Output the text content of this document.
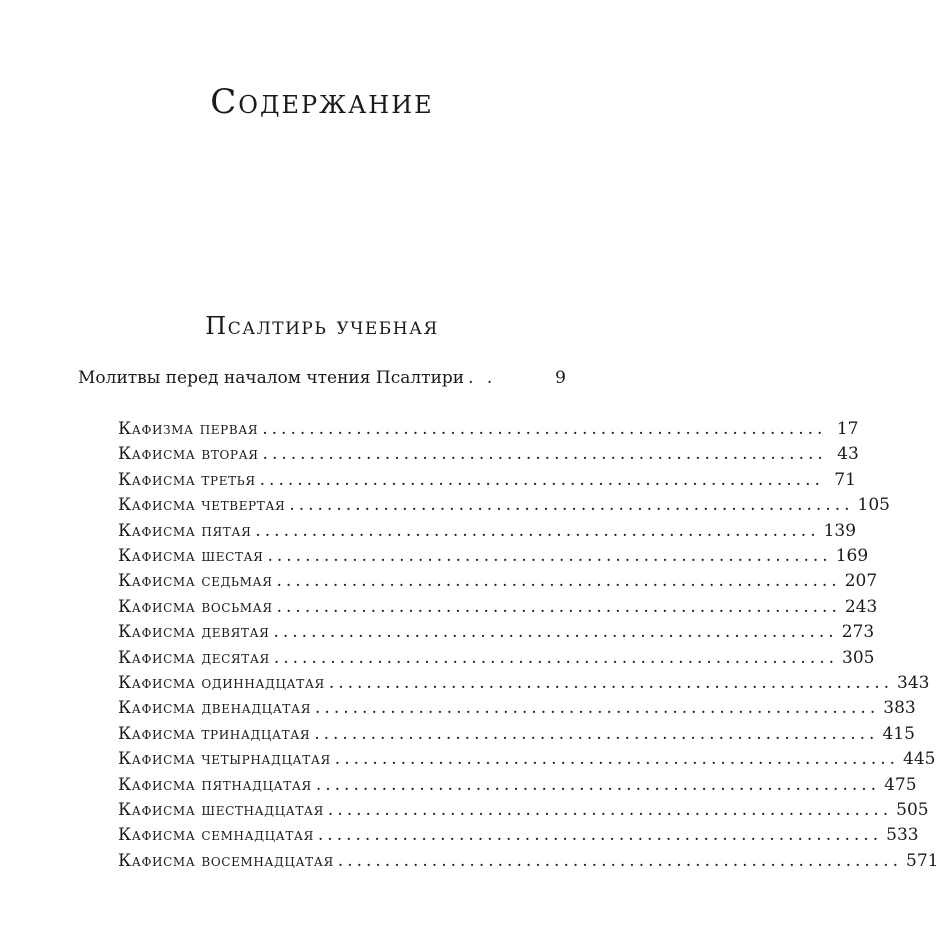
Содержание
Псалтирь учебная
Молитвы перед началом чтения Псалтири . .	9
Кафизма первая ............................................................ 17
Кафисма вторая ............................................................ 43
Кафисма третья ............................................................ 71
Кафисма четвертая ............................................................ 105
Кафисма пятая ............................................................ 139
Кафисма шестая ............................................................ 169
Кафисма седьмая ............................................................ 207
Кафисма восьмая ............................................................ 243
Кафисма девятая ............................................................ 273
Кафисма десятая ............................................................ 305
Кафисма одиннадцатая ............................................................ 343
Кафисма двенадцатая ............................................................ 383
Кафисма тринадцатая ............................................................ 415
Кафисма четырнадцатая ............................................................ 445
Кафисма пятнадцатая ............................................................ 475
Кафисма шестнадцатая ............................................................ 505
Кафисма семнадцатая ............................................................ 533
Кафисма восемнадцатая ............................................................ 571
